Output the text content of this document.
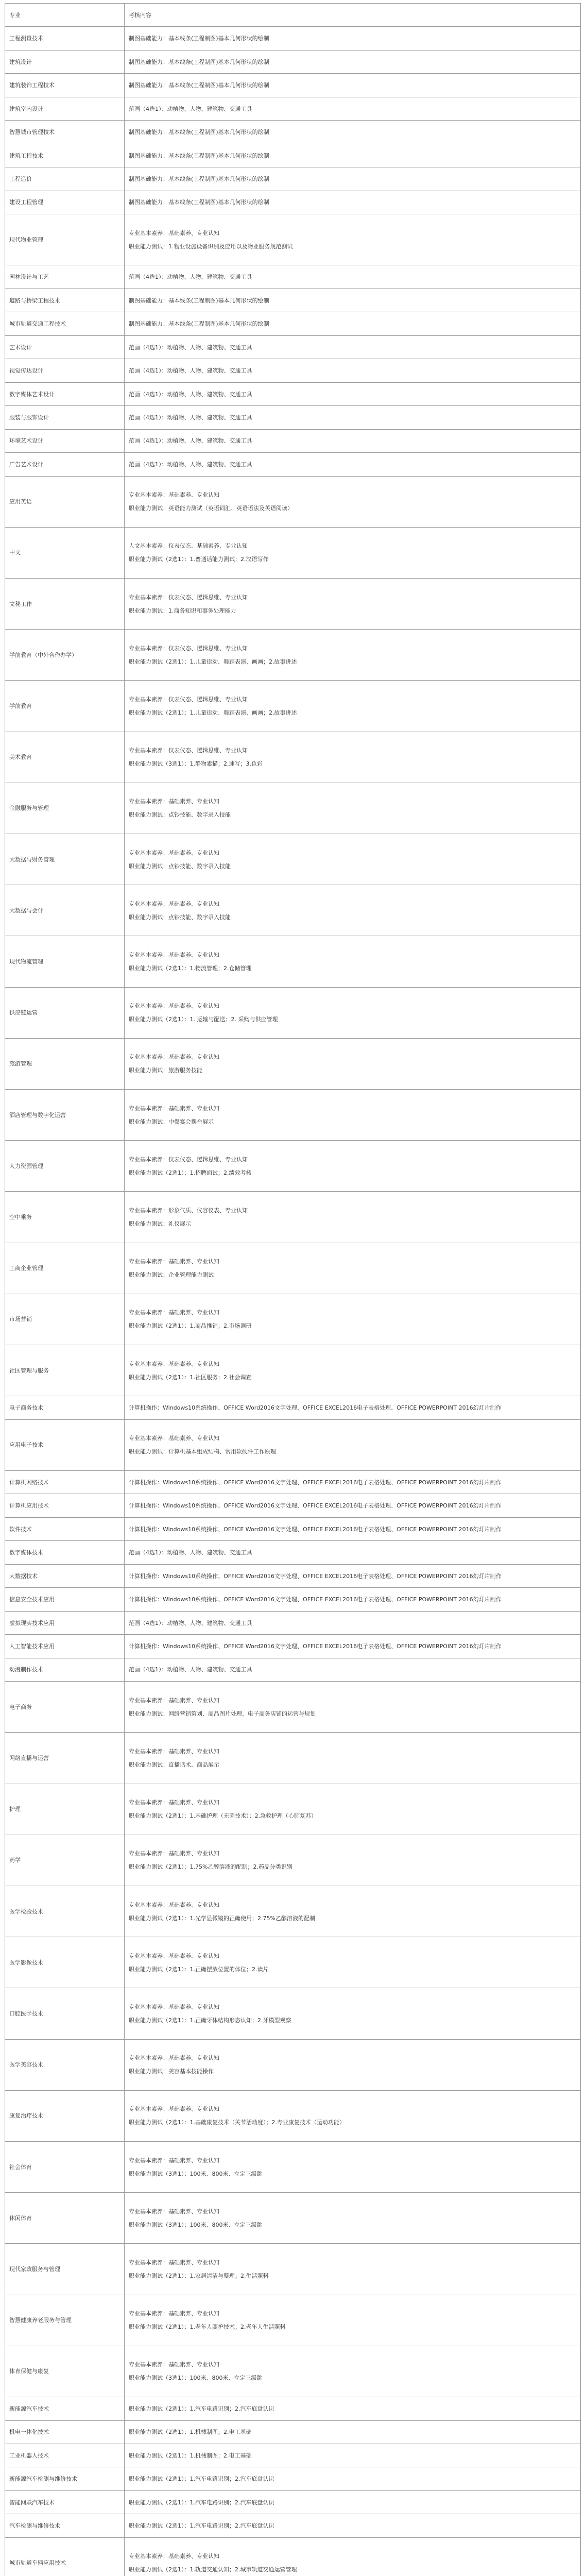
专业	考核内容
工程测量技术	制图基础能力：基本线条(工程制图)基本几何形状的绘制

建筑设计	制图基础能力：基本线条(工程制图)基本几何形状的绘制

建筑装饰工程技术	制图基础能力：基本线条(工程制图)基本几何形状的绘制

建筑室内设计	范画（4选1）：动植物、人物、建筑物、交通工具

智慧城市管理技术	制图基础能力：基本线条(工程制图)基本几何形状的绘制

建筑工程技术	制图基础能力：基本线条(工程制图)基本几何形状的绘制

工程造价	制图基础能力：基本线条(工程制图)基本几何形状的绘制

建设工程管理	制图基础能力：基本线条(工程制图)基本几何形状的绘制

现代物业管理	专业基本素养：基础素养、专业认知

职业能力测试：1.物业设施设备识别及应用以及物业服务规范测试

园林设计与工艺	范画（4选1）：动植物、人物、建筑物、交通工具

道路与桥梁工程技术	制图基础能力：基本线条(工程制图)基本几何形状的绘制

城市轨道交通工程技术	制图基础能力：基本线条(工程制图)基本几何形状的绘制

艺术设计	范画（4选1）：动植物、人物、建筑物、交通工具

视觉传达设计	范画（4选1）：动植物、人物、建筑物、交通工具

数字媒体艺术设计	范画（4选1）：动植物、人物、建筑物、交通工具

服装与服饰设计	范画（4选1）：动植物、人物、建筑物、交通工具

环境艺术设计	范画（4选1）：动植物、人物、建筑物、交通工具

广告艺术设计	范画（4选1）：动植物、人物、建筑物、交通工具

应用英语	专业基本素养：基础素养、专业认知

职业能力测试：英语能力测试（英语词汇、英语语法及英语阅读）

中文	人文基本素养：仪表仪态、基础素养、专业认知

职业能力测试（2选1）：1.普通话能力测试；2.汉语写作

文秘工作	专业基本素养：仪表仪态、逻辑思维、专业认知

职业能力测试：1.商务知识和事务处理能力

学前教育（中外合作办学）	专业基本素养：仪表仪态、逻辑思维、专业认知

职业能力测试（2选1）：1.儿童律动、舞蹈表演、画画；2.故事讲述

学前教育	专业基本素养：仪表仪态、逻辑思维、专业认知

职业能力测试（2选1）：1.儿童律动、舞蹈表演、画画；2.故事讲述

美术教育	专业基本素养：仪表仪态、逻辑思维、专业认知

职业能力测试（3选1）：1.静物素描；2.速写；3.色彩

金融服务与管理	专业基本素养：基础素养、专业认知

职业能力测试：点钞技能、数字录入技能

大数据与财务管理	专业基本素养：基础素养、专业认知

职业能力测试：点钞技能、数字录入技能

大数据与会计	专业基本素养：基础素养、专业认知

职业能力测试：点钞技能、数字录入技能

现代物流管理	专业基本素养：基础素养、专业认知

职业能力测试（2选1）：1.物流管理；2.仓储管理

供应链运营	专业基本素养：基础素养、专业认知

职业能力测试（2选1）：1. 运输与配送；2. 采购与供应管理

旅游管理	专业基本素养：基础素养、专业认知

职业能力测试：旅游服务技能

酒店管理与数字化运营	专业基本素养：基础素养、专业认知

职业能力测试：中餐宴会摆台展示

人力资源管理	专业基本素养：仪表仪态、逻辑思维、专业认知

职业能力测试（2选1）：1.招聘面试；2.绩效考核

空中乘务	专业基本素养：形象气质、仪容仪表、专业认知

职业能力测试：礼仪展示

工商企业管理	专业基本素养：基础素养、专业认知

职业能力测试：企业管理能力测试

市场营销	专业基本素养：基础素养、专业认知

职业能力测试（2选1）：1.商品推销；2.市场调研

社区管理与服务	专业基本素养：基础素养、专业认知

职业能力测试（2选1）：1.社区服务；2.社会调查

电子商务技术	计算机操作：Windows10系统操作、OFFICE Word2016文字处理、OFFICE EXCEL2016电子表格处理、OFFICE POWERPOINT 2016幻灯片制作

应用电子技术	专业基本素养：基础素养、专业认知

职业能力测试：计算机基本组成结构、常用软硬件工作原理

计算机网络技术	计算机操作：Windows10系统操作、OFFICE Word2016文字处理、OFFICE EXCEL2016电子表格处理、OFFICE POWERPOINT 2016幻灯片制作

计算机应用技术	计算机操作：Windows10系统操作、OFFICE Word2016文字处理、OFFICE EXCEL2016电子表格处理、OFFICE POWERPOINT 2016幻灯片制作

软件技术	计算机操作：Windows10系统操作、OFFICE Word2016文字处理、OFFICE EXCEL2016电子表格处理、OFFICE POWERPOINT 2016幻灯片制作

数字媒体技术	范画（4选1）：动植物、人物、建筑物、交通工具

大数据技术	计算机操作：Windows10系统操作、OFFICE Word2016文字处理、OFFICE EXCEL2016电子表格处理、OFFICE POWERPOINT 2016幻灯片制作

信息安全技术应用	计算机操作：Windows10系统操作、OFFICE Word2016文字处理、OFFICE EXCEL2016电子表格处理、OFFICE POWERPOINT 2016幻灯片制作

虚拟现实技术应用	范画（4选1）：动植物、人物、建筑物、交通工具

人工智能技术应用	计算机操作：Windows10系统操作、OFFICE Word2016文字处理、OFFICE EXCEL2016电子表格处理、OFFICE POWERPOINT 2016幻灯片制作

动漫制作技术	范画（4选1）：动植物、人物、建筑物、交通工具

电子商务	专业基本素养：基础素养、专业认知

职业能力测试：网络营销策划、商品图片处理、电子商务店铺的运营与规划

网络直播与运营	专业基本素养：基础素养、专业认知

职业能力测试：直播话术、商品展示

护理	专业基本素养：基础素养、专业认知

职业能力测试（2选1）：1.基础护理（无菌技术）；2.急救护理（心肺复苏）

药学	专业基本素养：基础素养、专业认知

职业能力测试（2选1）：1.75%乙醇溶液的配制；2.药品分类识别

医学检验技术	专业基本素养：基础素养、专业认知

职业能力测试（2选1）：1.光学显微镜的正确使用；2.75%乙醇溶液的配制

医学影像技术	专业基本素养：基础素养、专业认知

职业能力测试（2选1）：1.正确摆放位置的体位；2.读片

口腔医学技术	专业基本素养：基础素养、专业认知

职业能力测试（2选1）：1.正确牙体结构形态认知；2.牙模型观察

医学美容技术	专业基本素养：基础素养、专业认知

职业能力测试：美容基本技能操作

康复治疗技术	专业基本素养：基础素养、专业认知

职业能力测试（2选1）：1.基础康复技术（关节活动度）；2.专业康复技术（运动功能）

社会体育	专业基本素养：基础素养、专业认知

职业能力测试（3选1）：100米、800米、立定三级跳

休闲体育	专业基本素养：基础素养、专业认知

职业能力测试（3选1）：100米、800米、立定三级跳

现代家政服务与管理	专业基本素养：基础素养、专业认知

职业能力测试（2选1）：1.家居清洁与整理；2.生活照料

智慧健康养老服务与管理	专业基本素养：基础素养、专业认知

职业能力测试（2选1）：1.老年人照护技术；2.老年人生活照料

体育保健与康复	专业基本素养：基础素养、专业认知

职业能力测试（3选1）：100米、800米、立定三级跳

新能源汽车技术	职业能力测试（2选1）：1.汽车电路识别；2.汽车底盘认识

机电一体化技术	职业能力测试（2选1）：1.机械制图；2.电工基础

工业机器人技术	职业能力测试（2选1）：1.机械制图；2.电工基础

新能源汽车检测与维修技术	职业能力测试（2选1）：1.汽车电路识别；2.汽车底盘认识

智能网联汽车技术	职业能力测试（2选1）：1.汽车电路识别；2.汽车底盘认识

汽车检测与维修技术	职业能力测试（2选1）：1.汽车电路识别；2.汽车底盘认识

城市轨道车辆应用技术	专业基本素养：基础素养、专业认知

职业能力测试（2选1）：1.轨道交通认知；2.城市轨道交通运营管理
